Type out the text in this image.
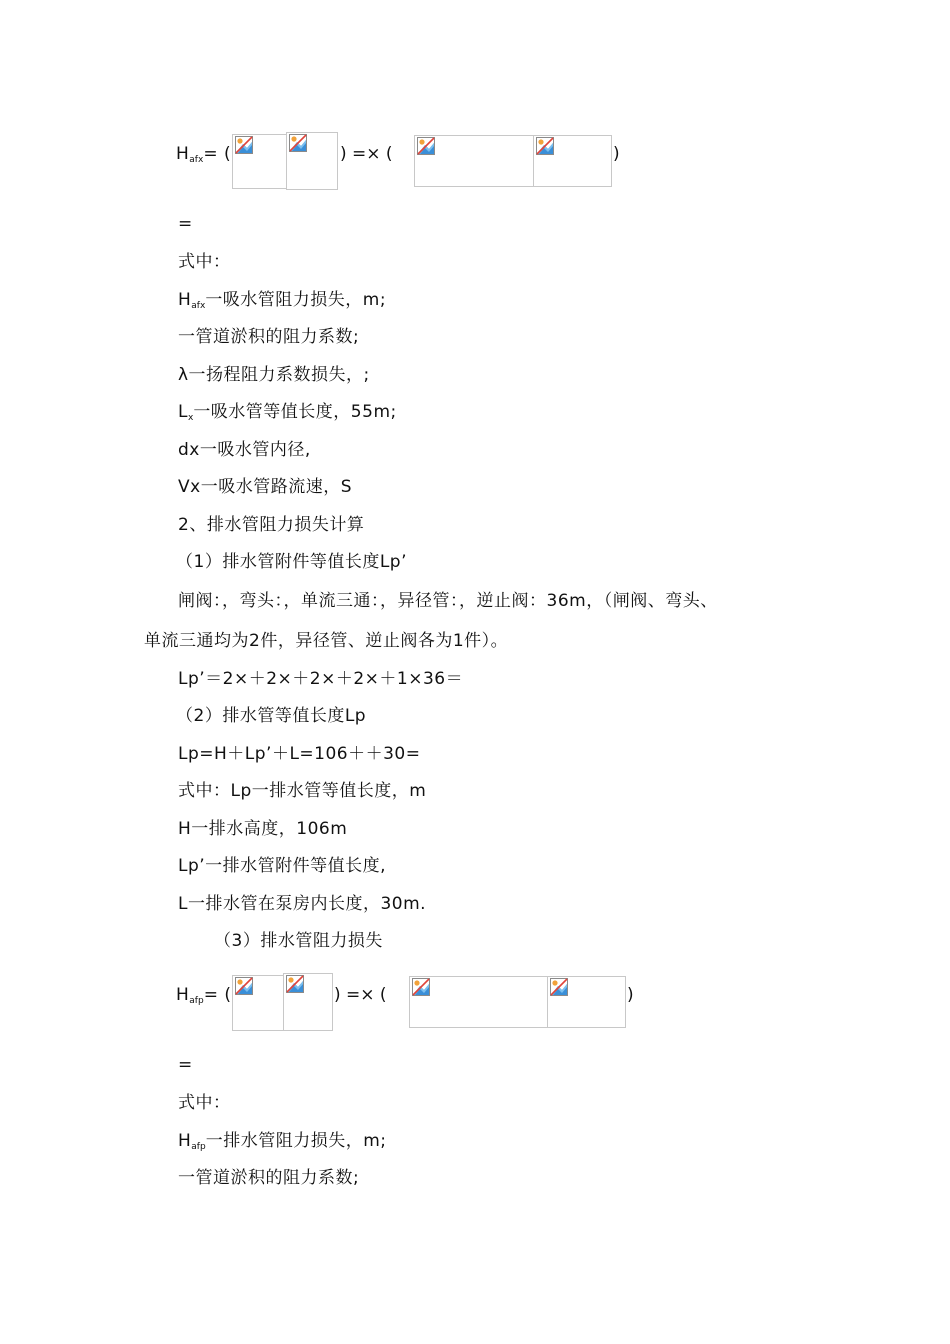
$H_{afx}=$ (	) =× (	)
=
式中：
$H_{afx}$一吸水管阻力损失，m;
一管道淤积的阻力系数;
λ一扬程阻力系数损失，;
$L_x$一吸水管等值长度，55m;
dx一吸水管内径,
Vx一吸水管路流速，S
2、排水管阻力损失计算
（1）排水管附件等值长度Lp’
闸阀：，弯头：，单流三通：，异径管：，逆止阀：36m，（闸阀、弯头、
单流三通均为2件，异径管、逆止阀各为1件）。
Lp’＝2×＋2×＋2×＋2×＋1×36＝
（2）排水管等值长度Lp
Lp=H＋Lp’＋L=106＋＋30=
式中：Lp一排水管等值长度，m
H一排水高度，106m
Lp’一排水管附件等值长度,
L一排水管在泵房内长度，30m.
（3）排水管阻力损失
$H_{afp}=$ (	) =× (	)
=
式中：
$H_{afp}$一排水管阻力损失，m;
一管道淤积的阻力系数;
